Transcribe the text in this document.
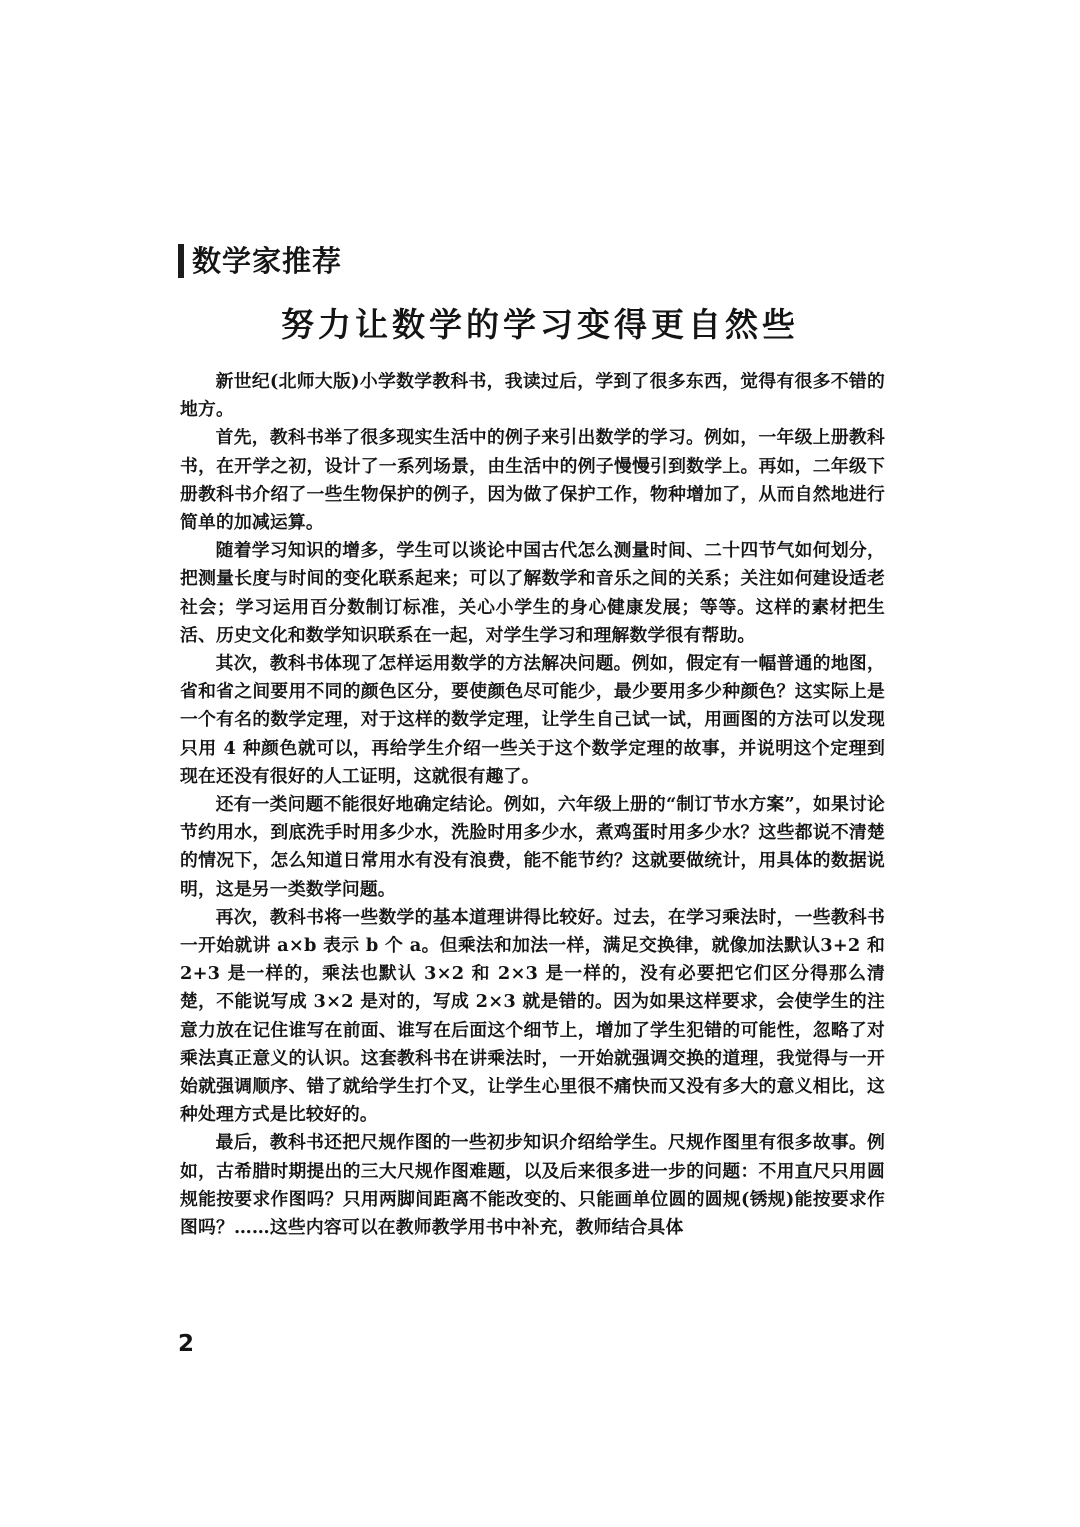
数学家推荐
努力让数学的学习变得更自然些

新世纪(北师大版)小学数学教科书，我读过后，学到了很多东西，觉得有很多不错的地方。

首先，教科书举了很多现实生活中的例子来引出数学的学习。例如，一年级上册教科书，在开学之初，设计了一系列场景，由生活中的例子慢慢引到数学上。再如，二年级下册教科书介绍了一些生物保护的例子，因为做了保护工作，物种增加了，从而自然地进行简单的加减运算。

随着学习知识的增多，学生可以谈论中国古代怎么测量时间、二十四节气如何划分，把测量长度与时间的变化联系起来；可以了解数学和音乐之间的关系；关注如何建设适老社会；学习运用百分数制订标准，关心小学生的身心健康发展；等等。这样的素材把生活、历史文化和数学知识联系在一起，对学生学习和理解数学很有帮助。

其次，教科书体现了怎样运用数学的方法解决问题。例如，假定有一幅普通的地图，省和省之间要用不同的颜色区分，要使颜色尽可能少，最少要用多少种颜色？这实际上是一个有名的数学定理，对于这样的数学定理，让学生自己试一试，用画图的方法可以发现只用 4 种颜色就可以，再给学生介绍一些关于这个数学定理的故事，并说明这个定理到现在还没有很好的人工证明，这就很有趣了。

还有一类问题不能很好地确定结论。例如，六年级上册的“制订节水方案”，如果讨论节约用水，到底洗手时用多少水，洗脸时用多少水，煮鸡蛋时用多少水？这些都说不清楚的情况下，怎么知道日常用水有没有浪费，能不能节约？这就要做统计，用具体的数据说明，这是另一类数学问题。

再次，教科书将一些数学的基本道理讲得比较好。过去，在学习乘法时，一些教科书一开始就讲 a×b 表示 b 个 a。但乘法和加法一样，满足交换律，就像加法默认3+2 和 2+3 是一样的，乘法也默认 3×2 和 2×3 是一样的，没有必要把它们区分得那么清楚，不能说写成 3×2 是对的，写成 2×3 就是错的。因为如果这样要求，会使学生的注意力放在记住谁写在前面、谁写在后面这个细节上，增加了学生犯错的可能性，忽略了对乘法真正意义的认识。这套教科书在讲乘法时，一开始就强调交换的道理，我觉得与一开始就强调顺序、错了就给学生打个叉，让学生心里很不痛快而又没有多大的意义相比，这种处理方式是比较好的。

最后，教科书还把尺规作图的一些初步知识介绍给学生。尺规作图里有很多故事。例如，古希腊时期提出的三大尺规作图难题，以及后来很多进一步的问题：不用直尺只用圆规能按要求作图吗？只用两脚间距离不能改变的、只能画单位圆的圆规(锈规)能按要求作图吗？……这些内容可以在教师教学用书中补充，教师结合具体

2
